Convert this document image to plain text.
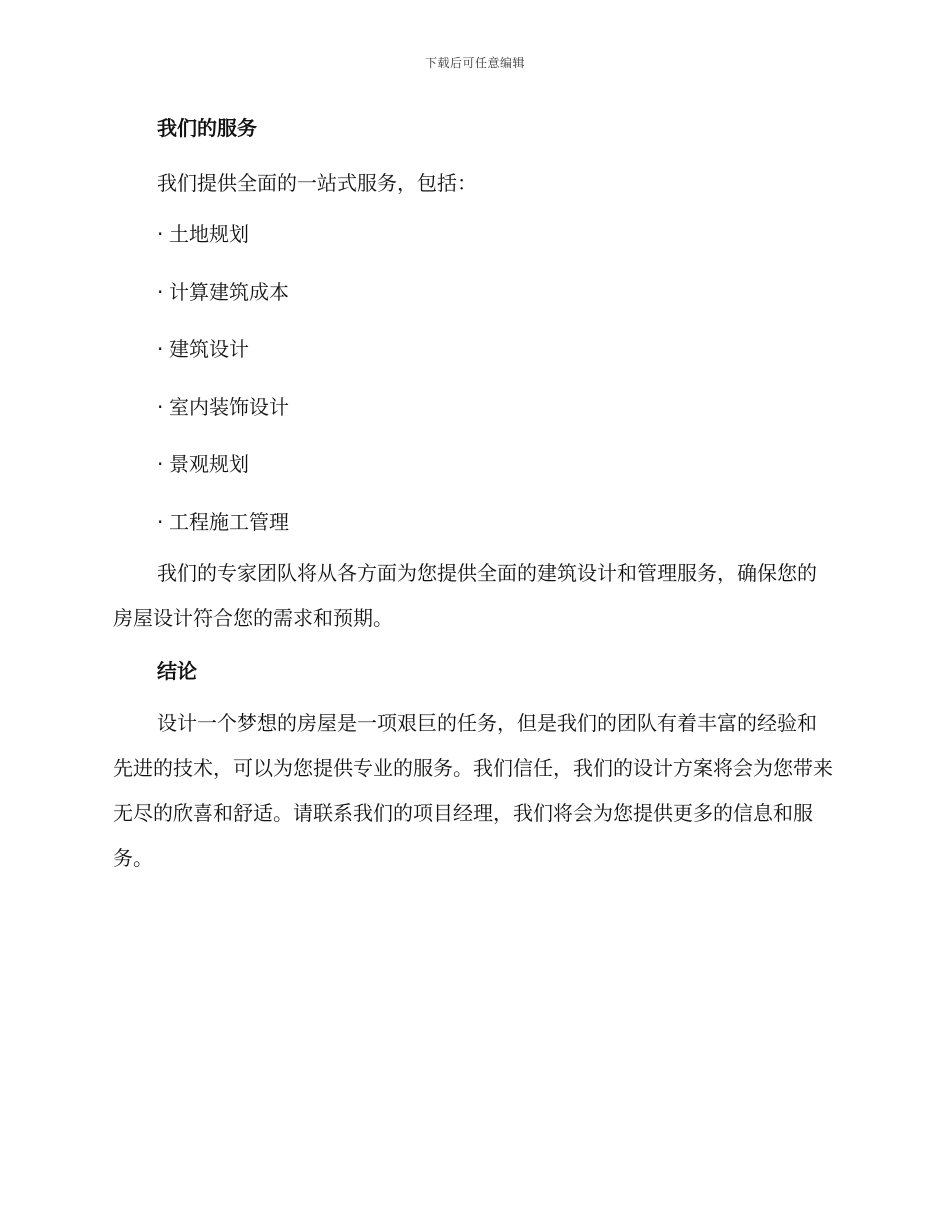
下载后可任意编辑
我们的服务

我们提供全面的一站式服务，包括：

· 土地规划
· 计算建筑成本
· 建筑设计
· 室内装饰设计
· 景观规划
· 工程施工管理

我们的专家团队将从各方面为您提供全面的建筑设计和管理服务，确保您的房屋设计符合您的需求和预期。

结论

设计一个梦想的房屋是一项艰巨的任务，但是我们的团队有着丰富的经验和先进的技术，可以为您提供专业的服务。我们信任，我们的设计方案将会为您带来无尽的欣喜和舒适。请联系我们的项目经理，我们将会为您提供更多的信息和服务。
